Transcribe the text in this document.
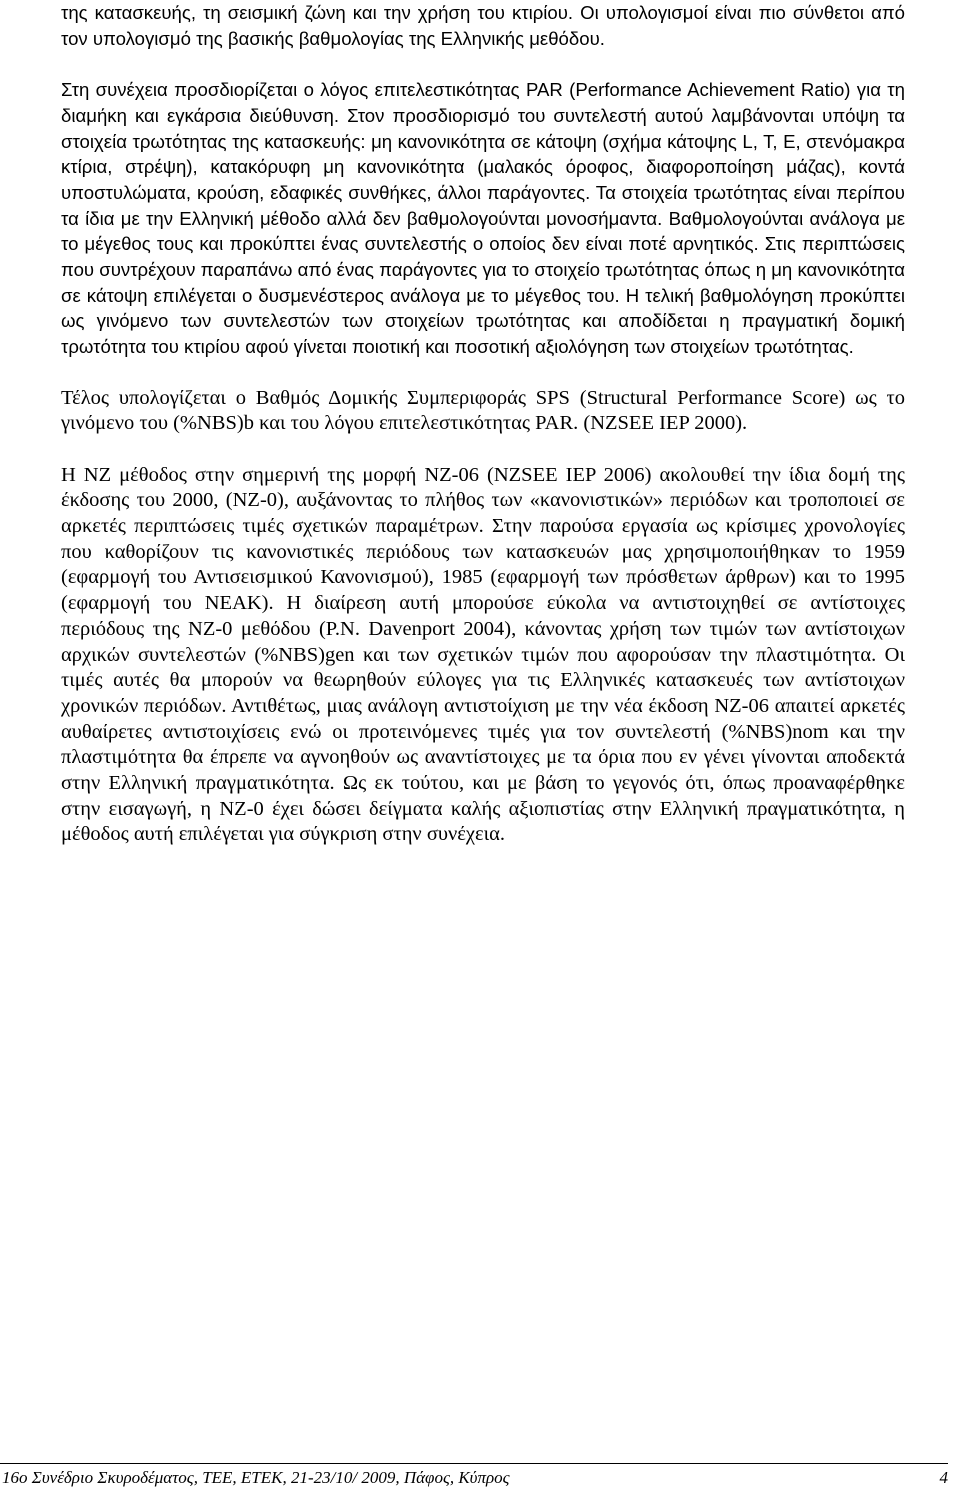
της κατασκευής, τη σεισμική ζώνη και την χρήση του κτιρίου. Οι υπολογισμοί είναι πιο σύνθετοι από τον υπολογισμό της βασικής βαθμολογίας της Ελληνικής μεθόδου.

Στη συνέχεια προσδιορίζεται ο λόγος επιτελεστικότητας PAR (Performance Achievement Ratio) για τη διαμήκη και εγκάρσια διεύθυνση. Στον προσδιορισμό του συντελεστή αυτού λαμβάνονται υπόψη τα στοιχεία τρωτότητας της κατασκευής: μη κανονικότητα σε κάτοψη (σχήμα κάτοψης L, T, E, στενόμακρα κτίρια, στρέψη), κατακόρυφη μη κανονικότητα (μαλακός όροφος, διαφοροποίηση μάζας), κοντά υποστυλώματα, κρούση, εδαφικές συνθήκες, άλλοι παράγοντες. Τα στοιχεία τρωτότητας είναι περίπου τα ίδια με την Ελληνική μέθοδο αλλά δεν βαθμολογούνται μονοσήμαντα. Βαθμολογούνται ανάλογα με το μέγεθος τους και προκύπτει ένας συντελεστής ο οποίος δεν είναι ποτέ αρνητικός. Στις περιπτώσεις που συντρέχουν παραπάνω από ένας παράγοντες για το στοιχείο τρωτότητας όπως η μη κανονικότητα σε κάτοψη επιλέγεται ο δυσμενέστερος ανάλογα με το μέγεθος του. Η τελική βαθμολόγηση προκύπτει ως γινόμενο των συντελεστών των στοιχείων τρωτότητας και αποδίδεται η πραγματική δομική τρωτότητα του κτιρίου αφού γίνεται ποιοτική και ποσοτική αξιολόγηση των στοιχείων τρωτότητας.

Τέλος υπολογίζεται ο Βαθμός Δομικής Συμπεριφοράς SPS (Structural Performance Score) ως το γινόμενο του (%NBS)b και του λόγου επιτελεστικότητας PAR. (NZSEE IEP 2000).

Η NZ μέθοδος στην σημερινή της μορφή NZ-06 (NZSEE IEP 2006) ακολουθεί την ίδια δομή της έκδοσης του 2000, (NZ-0), αυξάνοντας το πλήθος των «κανονιστικών» περιόδων και τροποποιεί σε αρκετές περιπτώσεις τιμές σχετικών παραμέτρων. Στην παρούσα εργασία ως κρίσιμες χρονολογίες που καθορίζουν τις κανονιστικές περιόδους των κατασκευών μας χρησιμοποιήθηκαν το 1959 (εφαρμογή του Αντισεισμικού Κανονισμού), 1985 (εφαρμογή των πρόσθετων άρθρων) και το 1995 (εφαρμογή του ΝΕΑΚ). Η διαίρεση αυτή μπορούσε εύκολα να αντιστοιχηθεί σε αντίστοιχες περιόδους της NZ-0 μεθόδου (P.N. Davenport 2004), κάνοντας χρήση των τιμών των αντίστοιχων αρχικών συντελεστών (%NBS)gen και των σχετικών τιμών που αφορούσαν την πλαστιμότητα. Οι τιμές αυτές θα μπορούν να θεωρηθούν εύλογες για τις Ελληνικές κατασκευές των αντίστοιχων χρονικών περιόδων. Αντιθέτως, μιας ανάλογη αντιστοίχιση με την νέα έκδοση NZ-06 απαιτεί αρκετές αυθαίρετες αντιστοιχίσεις ενώ οι προτεινόμενες τιμές για τον συντελεστή (%NBS)nom και την πλαστιμότητα θα έπρεπε να αγνοηθούν ως αναντίστοιχες με τα όρια που εν γένει γίνονται αποδεκτά στην Ελληνική πραγματικότητα. Ως εκ τούτου, και με βάση το γεγονός ότι, όπως προαναφέρθηκε στην εισαγωγή, η NZ-0 έχει δώσει δείγματα καλής αξιοπιστίας στην Ελληνική πραγματικότητα, η μέθοδος αυτή επιλέγεται για σύγκριση στην συνέχεια.

16ο Συνέδριο Σκυροδέματος, ΤΕΕ, ΕΤΕΚ, 21-23/10/ 2009, Πάφος, Κύπρος	4
